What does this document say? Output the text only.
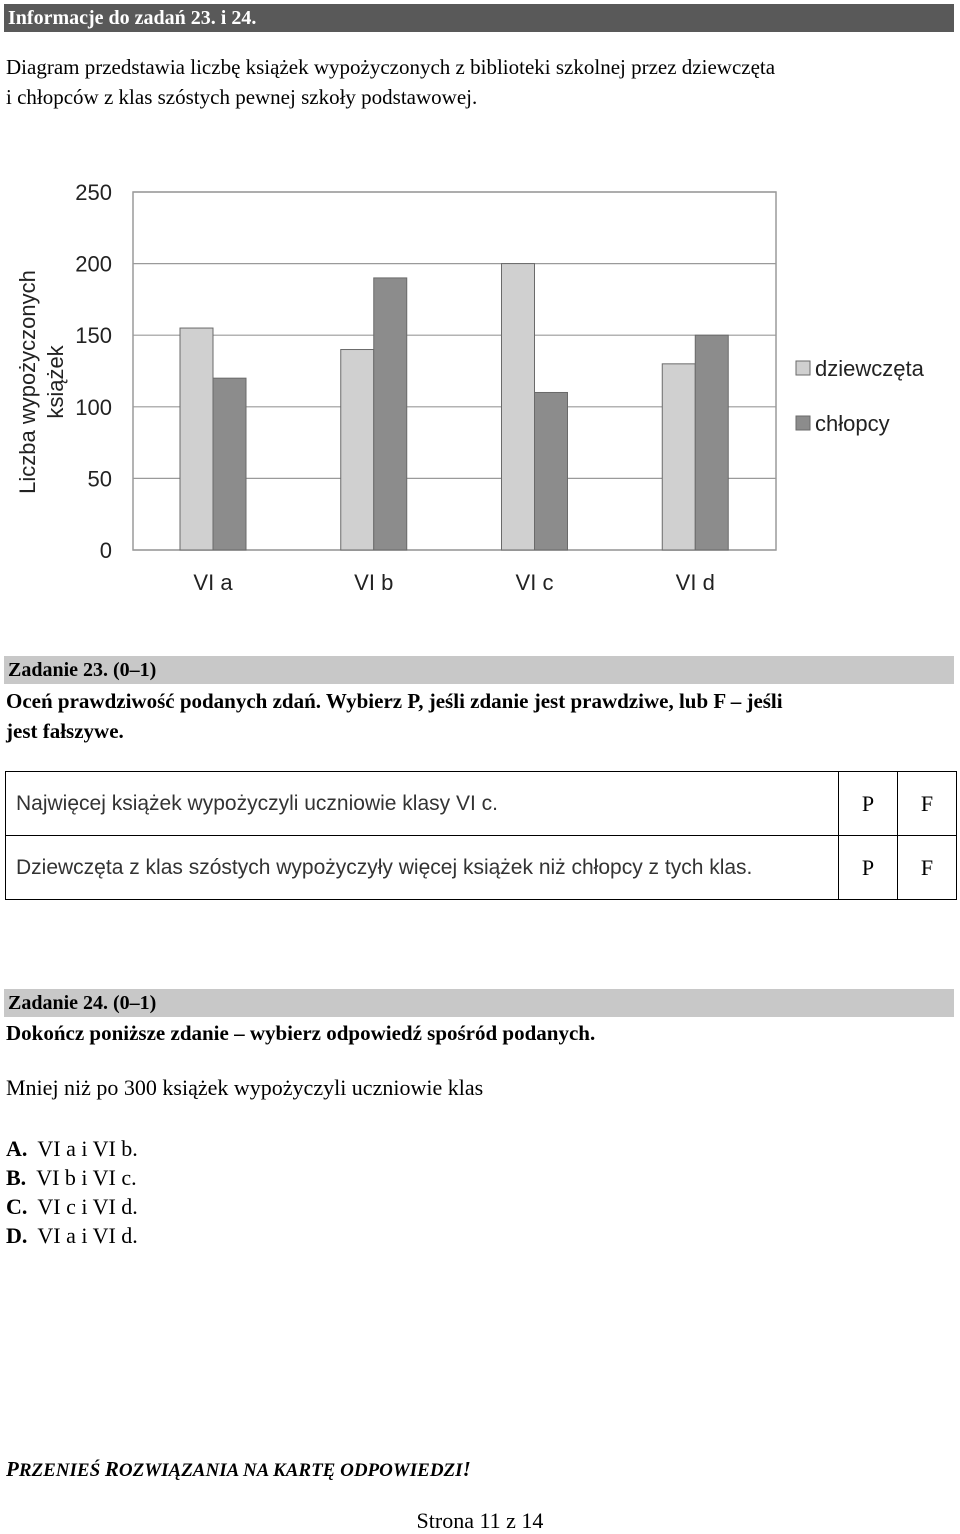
Informacje do zadań 23. i 24.
Diagram przedstawia liczbę książek wypożyczonych z biblioteki szkolnej przez dziewczęta
i chłopców z klas szóstych pewnej szkoły podstawowej.
0
50
100
150
200
250
VI a	VI b	VI c	VI d
Liczba wypożyczonych książek	dziewczęta
chłopcy
Zadanie 23. (0–1)
Oceń prawdziwość podanych zdań. Wybierz P, jeśli zdanie jest prawdziwe, lub F – jeśli
jest fałszywe.
Najwięcej książek wypożyczyli uczniowie klasy VI c.	P	F
Dziewczęta z klas szóstych wypożyczyły więcej książek niż chłopcy z tych klas.	P	F
Zadanie 24. (0–1)
Dokończ poniższe zdanie – wybierz odpowiedź spośród podanych.
Mniej niż po 300 książek wypożyczyli uczniowie klas
A. VI a i VI b.
B. VI b i VI c.
C. VI c i VI d.
D. VI a i VI d.
PRZENIEŚ ROZWIĄZANIA NA KARTĘ ODPOWIEDZI!
Strona 11 z 14
